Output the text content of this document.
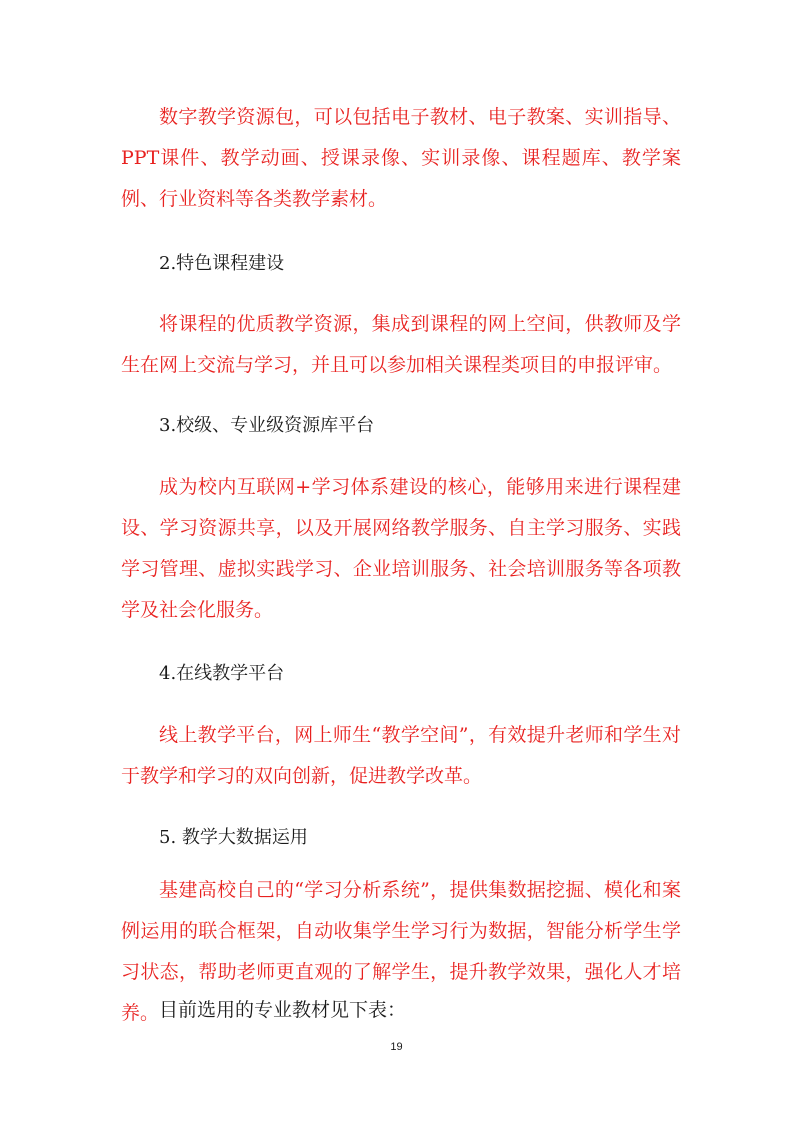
数字教学资源包，可以包括电子教材、电子教案、实训指导、PPT课件、教学动画、授课录像、实训录像、课程题库、教学案例、行业资料等各类教学素材。

2.特色课程建设

将课程的优质教学资源，集成到课程的网上空间，供教师及学生在网上交流与学习，并且可以参加相关课程类项目的申报评审。

3.校级、专业级资源库平台

成为校内互联网+学习体系建设的核心，能够用来进行课程建设、学习资源共享，以及开展网络教学服务、自主学习服务、实践学习管理、虚拟实践学习、企业培训服务、社会培训服务等各项教学及社会化服务。

4.在线教学平台

线上教学平台，网上师生“教学空间”，有效提升老师和学生对于教学和学习的双向创新，促进教学改革。

5. 教学大数据运用

基建高校自己的“学习分析系统”，提供集数据挖掘、模化和案例运用的联合框架，自动收集学生学习行为数据，智能分析学生学习状态，帮助老师更直观的了解学生，提升教学效果，强化人才培养。 目前选用的专业教材见下表：

19
